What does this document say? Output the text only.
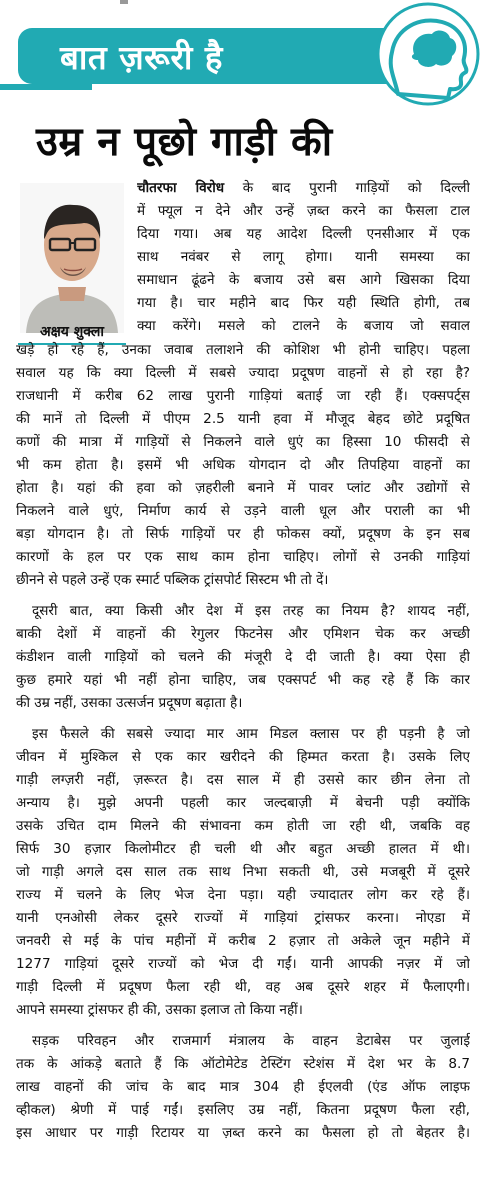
बात ज़रूरी है
उम्र न पूछो गाड़ी की
अक्षय शुक्ला
चौतरफा विरोध के बाद पुरानी गाड़ियों को दिल्ली
में फ्यूल न देने और उन्हें ज़ब्त करने का फैसला टाल
दिया गया। अब यह आदेश दिल्ली एनसीआर में एक
साथ नवंबर से लागू होगा। यानी समस्या का
समाधान ढूंढने के बजाय उसे बस आगे खिसका दिया
गया है। चार महीने बाद फिर यही स्थिति होगी, तब
क्या करेंगे। मसले को टालने के बजाय जो सवाल
खड़े हो रहे हैं, उनका जवाब तलाशने की कोशिश भी होनी चाहिए। पहला
सवाल यह कि क्या दिल्ली में सबसे ज्यादा प्रदूषण वाहनों से हो रहा है?
राजधानी में करीब 62 लाख पुरानी गाड़ियां बताई जा रही हैं। एक्सपर्ट्स
की मानें तो दिल्ली में पीएम 2.5 यानी हवा में मौजूद बेहद छोटे प्रदूषित
कणों की मात्रा में गाड़ियों से निकलने वाले धुएं का हिस्सा 10 फीसदी से
भी कम होता है। इसमें भी अधिक योगदान दो और तिपहिया वाहनों का
होता है। यहां की हवा को ज़हरीली बनाने में पावर प्लांट और उद्योगों से
निकलने वाले धुएं, निर्माण कार्य से उड़ने वाली धूल और पराली का भी
बड़ा योगदान है। तो सिर्फ गाड़ियों पर ही फोकस क्यों, प्रदूषण के इन सब
कारणों के हल पर एक साथ काम होना चाहिए। लोगों से उनकी गाड़ियां
छीनने से पहले उन्हें एक स्मार्ट पब्लिक ट्रांसपोर्ट सिस्टम भी तो दें।
दूसरी बात, क्या किसी और देश में इस तरह का नियम है? शायद नहीं,
बाकी देशों में वाहनों की रेगुलर फिटनेस और एमिशन चेक कर अच्छी
कंडीशन वाली गाड़ियों को चलने की मंजूरी दे दी जाती है। क्या ऐसा ही
कुछ हमारे यहां भी नहीं होना चाहिए, जब एक्सपर्ट भी कह रहे हैं कि कार
की उम्र नहीं, उसका उत्सर्जन प्रदूषण बढ़ाता है।
इस फैसले की सबसे ज्यादा मार आम मिडल क्लास पर ही पड़नी है जो
जीवन में मुश्किल से एक कार खरीदने की हिम्मत करता है। उसके लिए
गाड़ी लग्ज़री नहीं, ज़रूरत है। दस साल में ही उससे कार छीन लेना तो
अन्याय है। मुझे अपनी पहली कार जल्दबाज़ी में बेचनी पड़ी क्योंकि
उसके उचित दाम मिलने की संभावना कम होती जा रही थी, जबकि वह
सिर्फ 30 हज़ार किलोमीटर ही चली थी और बहुत अच्छी हालत में थी।
जो गाड़ी अगले दस साल तक साथ निभा सकती थी, उसे मजबूरी में दूसरे
राज्य में चलने के लिए भेज देना पड़ा। यही ज्यादातर लोग कर रहे हैं।
यानी एनओसी लेकर दूसरे राज्यों में गाड़ियां ट्रांसफर करना। नोएडा में
जनवरी से मई के पांच महीनों में करीब 2 हज़ार तो अकेले जून महीने में
1277 गाड़ियां दूसरे राज्यों को भेज दी गईं। यानी आपकी नज़र में जो
गाड़ी दिल्ली में प्रदूषण फैला रही थी, वह अब दूसरे शहर में फैलाएगी।
आपने समस्या ट्रांसफर ही की, उसका इलाज तो किया नहीं।
सड़क परिवहन और राजमार्ग मंत्रालय के वाहन डेटाबेस पर जुलाई
तक के आंकड़े बताते हैं कि ऑटोमेटेड टेस्टिंग स्टेशंस में देश भर के 8.7
लाख वाहनों की जांच के बाद मात्र 304 ही ईएलवी (एंड ऑफ लाइफ
व्हीकल) श्रेणी में पाई गईं। इसलिए उम्र नहीं, कितना प्रदूषण फैला रही,
इस आधार पर गाड़ी रिटायर या ज़ब्त करने का फैसला हो तो बेहतर है।
